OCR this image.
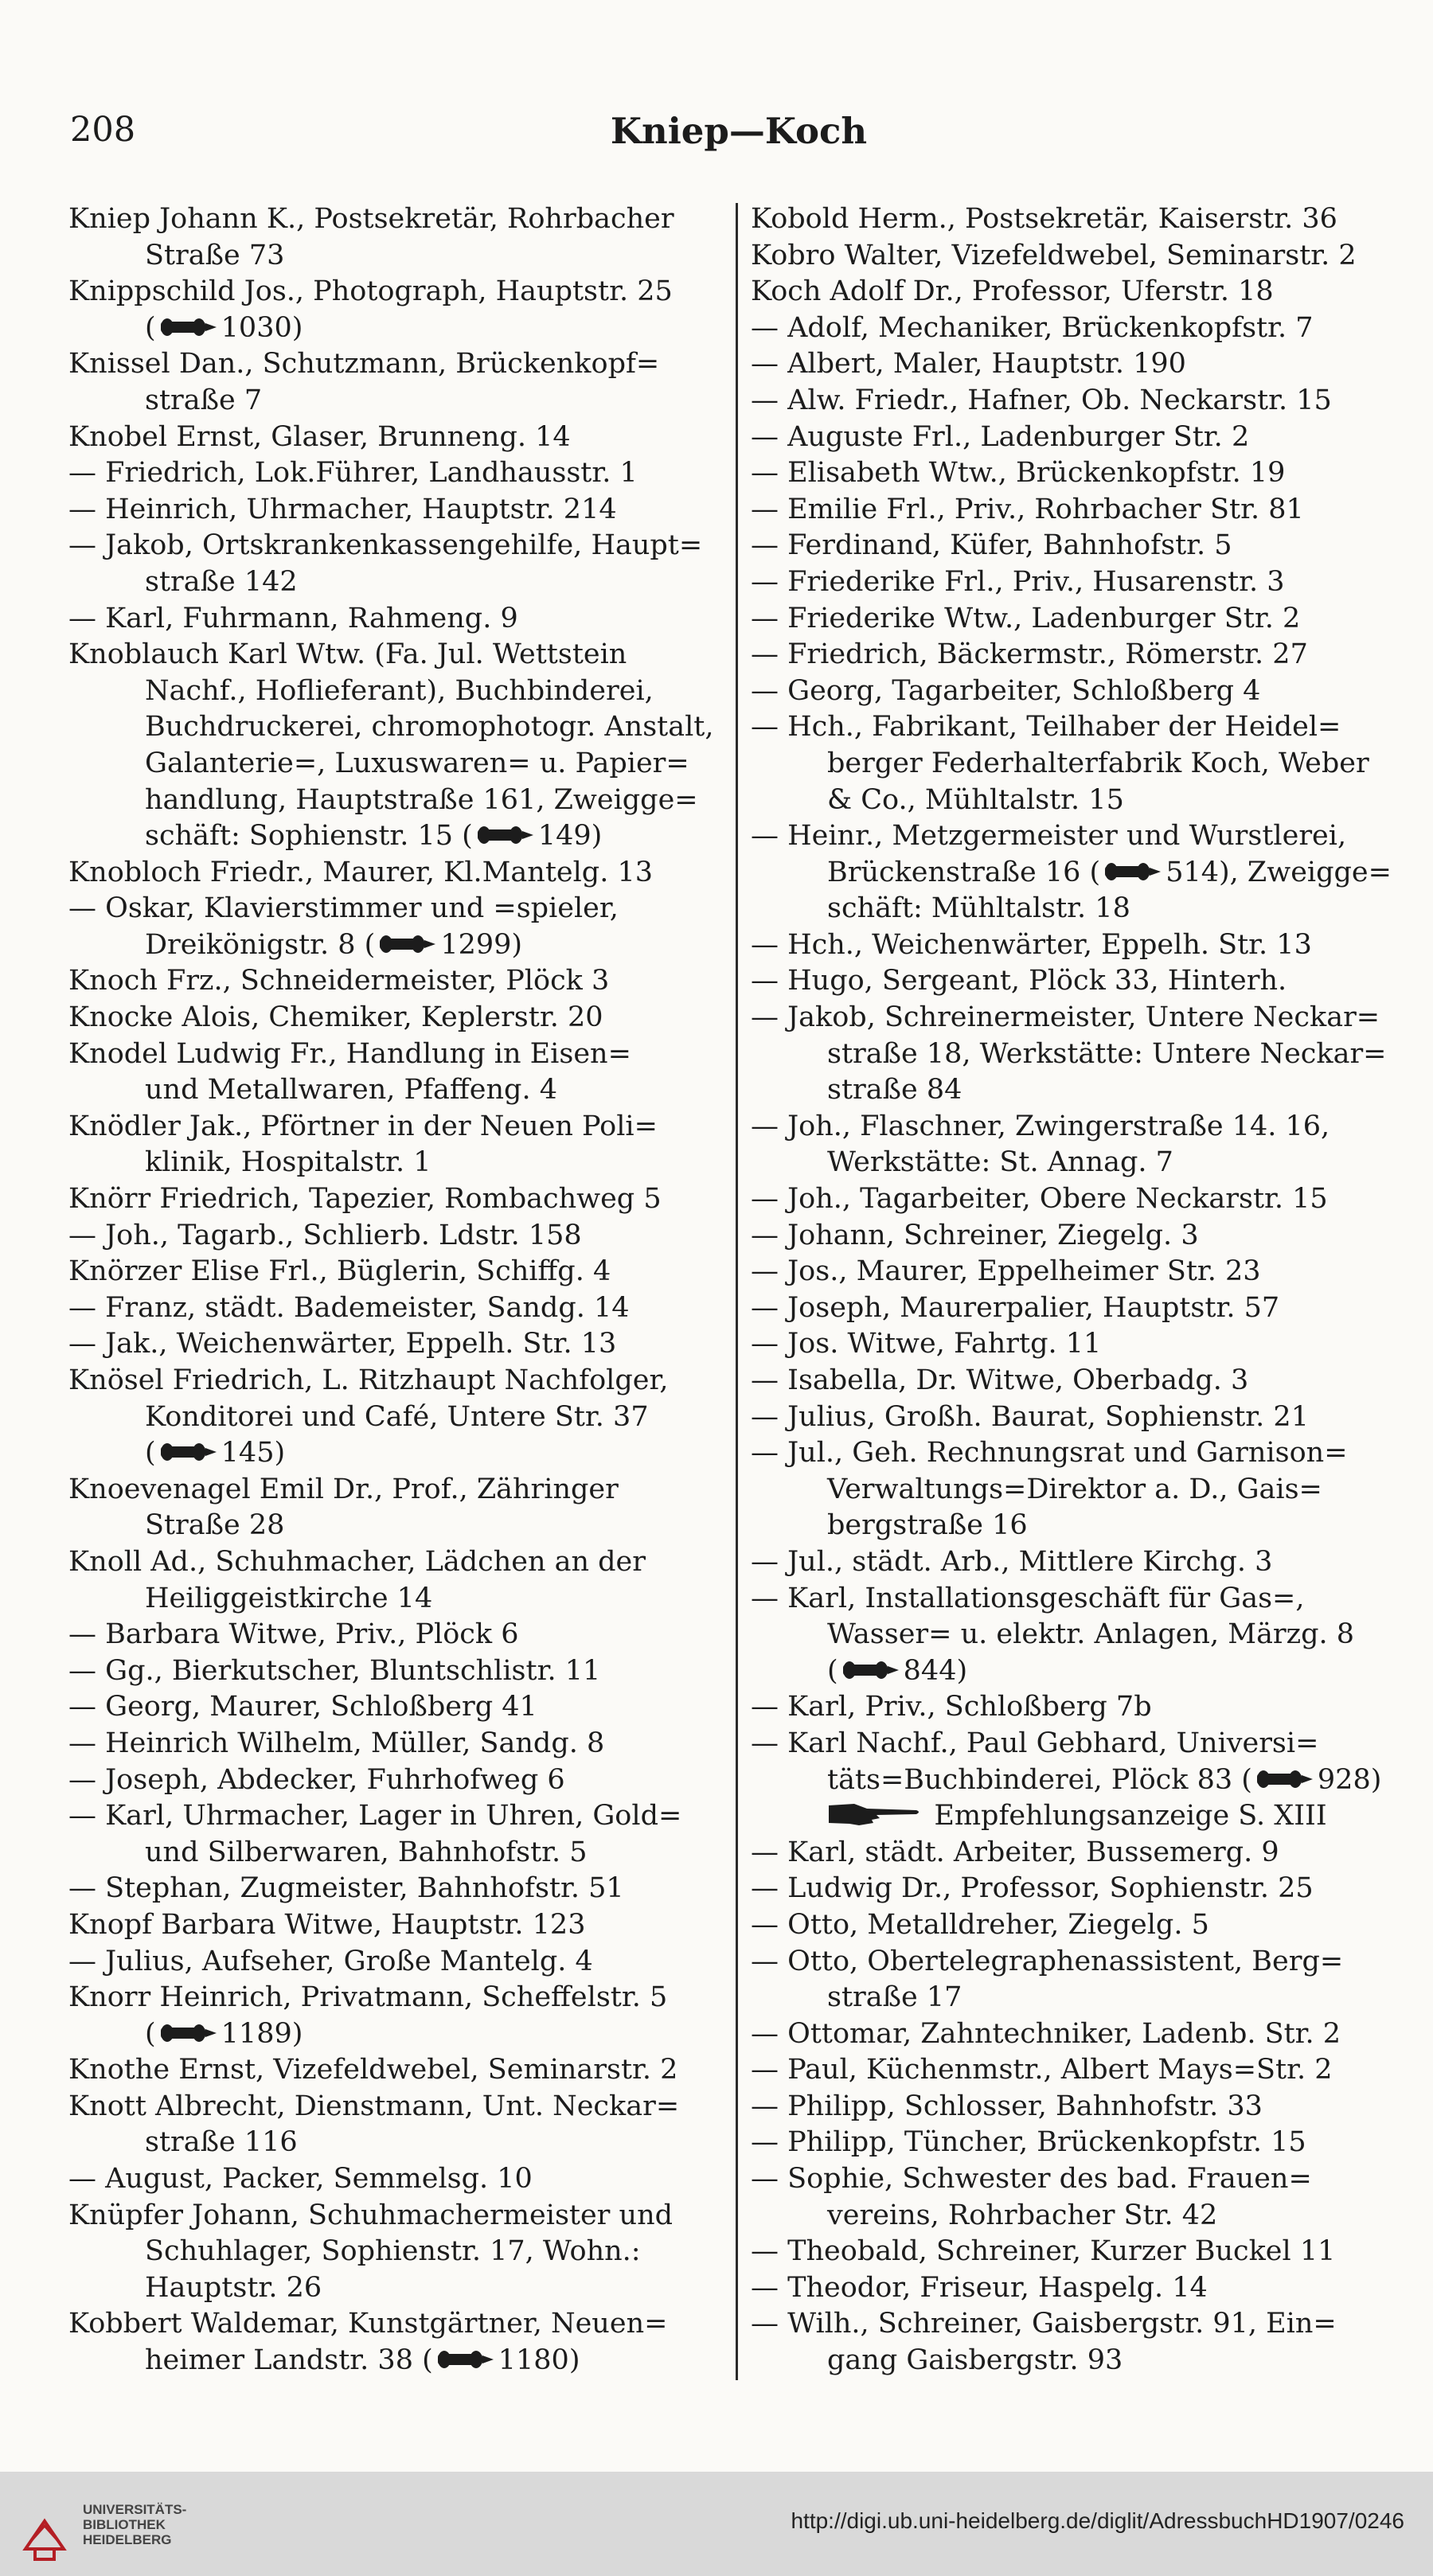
208	Kniep—Koch
Kniep Johann K., Postsekretär, Rohrbacher
Straße 73
Knippschild Jos., Photograph, Hauptstr. 25
( 1030)
Knissel Dan., Schutzmann, Brückenkopf=
straße 7
Knobel Ernst, Glaser, Brunneng. 14
— Friedrich, Lok.Führer, Landhausstr. 1
— Heinrich, Uhrmacher, Hauptstr. 214
— Jakob, Ortskrankenkassengehilfe, Haupt=
straße 142
— Karl, Fuhrmann, Rahmeng. 9
Knoblauch Karl Wtw. (Fa. Jul. Wettstein
Nachf., Hoflieferant), Buchbinderei,
Buchdruckerei, chromophotogr. Anstalt,
Galanterie=, Luxuswaren= u. Papier=
handlung, Hauptstraße 161, Zweigge=
schäft: Sophienstr. 15 ( 149)
Knobloch Friedr., Maurer, Kl.Mantelg. 13
— Oskar, Klavierstimmer und =spieler,
Dreikönigstr. 8 ( 1299)
Knoch Frz., Schneidermeister, Plöck 3
Knocke Alois, Chemiker, Keplerstr. 20
Knodel Ludwig Fr., Handlung in Eisen=
und Metallwaren, Pfaffeng. 4
Knödler Jak., Pförtner in der Neuen Poli=
klinik, Hospitalstr. 1
Knörr Friedrich, Tapezier, Rombachweg 5
— Joh., Tagarb., Schlierb. Ldstr. 158
Knörzer Elise Frl., Büglerin, Schiffg. 4
— Franz, städt. Bademeister, Sandg. 14
— Jak., Weichenwärter, Eppelh. Str. 13
Knösel Friedrich, L. Ritzhaupt Nachfolger,
Konditorei und Café, Untere Str. 37
( 145)
Knoevenagel Emil Dr., Prof., Zähringer
Straße 28
Knoll Ad., Schuhmacher, Lädchen an der
Heiliggeistkirche 14
— Barbara Witwe, Priv., Plöck 6
— Gg., Bierkutscher, Bluntschlistr. 11
— Georg, Maurer, Schloßberg 41
— Heinrich Wilhelm, Müller, Sandg. 8
— Joseph, Abdecker, Fuhrhofweg 6
— Karl, Uhrmacher, Lager in Uhren, Gold=
und Silberwaren, Bahnhofstr. 5
— Stephan, Zugmeister, Bahnhofstr. 51
Knopf Barbara Witwe, Hauptstr. 123
— Julius, Aufseher, Große Mantelg. 4
Knorr Heinrich, Privatmann, Scheffelstr. 5
( 1189)
Knothe Ernst, Vizefeldwebel, Seminarstr. 2
Knott Albrecht, Dienstmann, Unt. Neckar=
straße 116
— August, Packer, Semmelsg. 10
Knüpfer Johann, Schuhmachermeister und
Schuhlager, Sophienstr. 17, Wohn.:
Hauptstr. 26
Kobbert Waldemar, Kunstgärtner, Neuen=
heimer Landstr. 38 ( 1180)
Kobold Herm., Postsekretär, Kaiserstr. 36
Kobro Walter, Vizefeldwebel, Seminarstr. 2
Koch Adolf Dr., Professor, Uferstr. 18
— Adolf, Mechaniker, Brückenkopfstr. 7
— Albert, Maler, Hauptstr. 190
— Alw. Friedr., Hafner, Ob. Neckarstr. 15
— Auguste Frl., Ladenburger Str. 2
— Elisabeth Wtw., Brückenkopfstr. 19
— Emilie Frl., Priv., Rohrbacher Str. 81
— Ferdinand, Küfer, Bahnhofstr. 5
— Friederike Frl., Priv., Husarenstr. 3
— Friederike Wtw., Ladenburger Str. 2
— Friedrich, Bäckermstr., Römerstr. 27
— Georg, Tagarbeiter, Schloßberg 4
— Hch., Fabrikant, Teilhaber der Heidel=
berger Federhalterfabrik Koch, Weber
& Co., Mühltalstr. 15
— Heinr., Metzgermeister und Wurstlerei,
Brückenstraße 16 ( 514), Zweigge=
schäft: Mühltalstr. 18
— Hch., Weichenwärter, Eppelh. Str. 13
— Hugo, Sergeant, Plöck 33, Hinterh.
— Jakob, Schreinermeister, Untere Neckar=
straße 18, Werkstätte: Untere Neckar=
straße 84
— Joh., Flaschner, Zwingerstraße 14. 16,
Werkstätte: St. Annag. 7
— Joh., Tagarbeiter, Obere Neckarstr. 15
— Johann, Schreiner, Ziegelg. 3
— Jos., Maurer, Eppelheimer Str. 23
— Joseph, Maurerpalier, Hauptstr. 57
— Jos. Witwe, Fahrtg. 11
— Isabella, Dr. Witwe, Oberbadg. 3
— Julius, Großh. Baurat, Sophienstr. 21
— Jul., Geh. Rechnungsrat und Garnison=
Verwaltungs=Direktor a. D., Gais=
bergstraße 16
— Jul., städt. Arb., Mittlere Kirchg. 3
— Karl, Installationsgeschäft für Gas=,
Wasser= u. elektr. Anlagen, Märzg. 8
( 844)
— Karl, Priv., Schloßberg 7b
— Karl Nachf., Paul Gebhard, Universi=
täts=Buchbinderei, Plöck 83 ( 928)
Empfehlungsanzeige S. XIII
— Karl, städt. Arbeiter, Bussemerg. 9
— Ludwig Dr., Professor, Sophienstr. 25
— Otto, Metalldreher, Ziegelg. 5
— Otto, Obertelegraphenassistent, Berg=
straße 17
— Ottomar, Zahntechniker, Ladenb. Str. 2
— Paul, Küchenmstr., Albert Mays=Str. 2
— Philipp, Schlosser, Bahnhofstr. 33
— Philipp, Tüncher, Brückenkopfstr. 15
— Sophie, Schwester des bad. Frauen=
vereins, Rohrbacher Str. 42
— Theobald, Schreiner, Kurzer Buckel 11
— Theodor, Friseur, Haspelg. 14
— Wilh., Schreiner, Gaisbergstr. 91, Ein=
gang Gaisbergstr. 93
UNIVERSITÄTS-
BIBLIOTHEK
HEIDELBERG
http://digi.ub.uni-heidelberg.de/diglit/AdressbuchHD1907/0246
